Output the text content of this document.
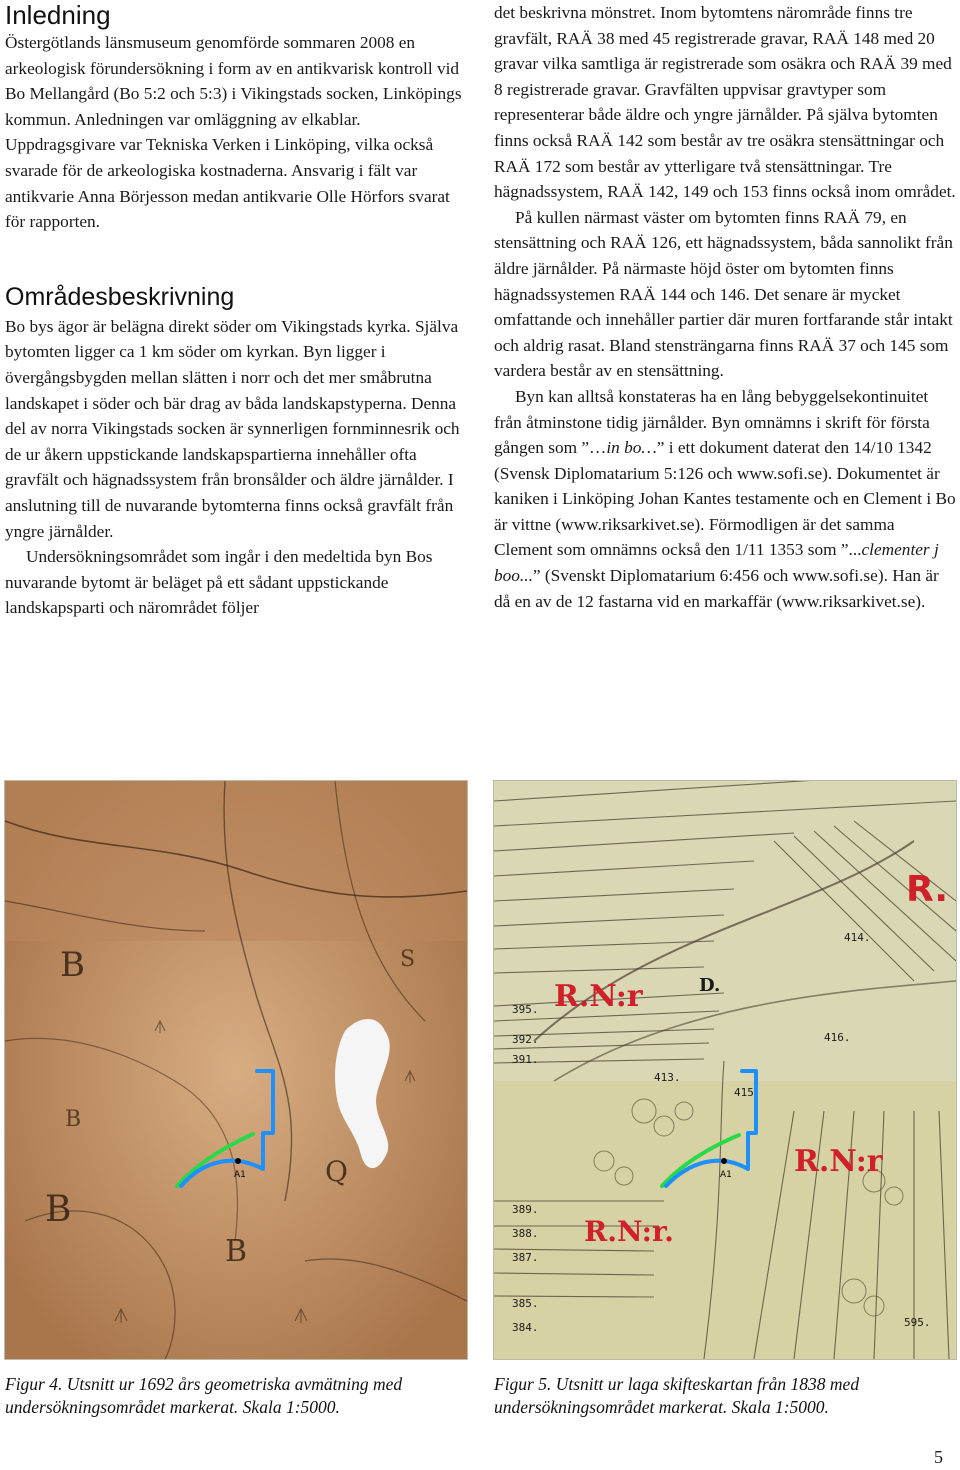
Inledning

Östergötlands länsmuseum genomförde sommaren 2008 en arkeologisk förundersökning i form av en antikvarisk kontroll vid Bo Mellangård (Bo 5:2 och 5:3) i Vikingstads socken, Linköpings kommun. Anledningen var omläggning av elkablar. Uppdragsgivare var Tekniska Verken i Linköping, vilka också svarade för de arkeologiska kostnaderna. Ansvarig i fält var antikvarie Anna Börjesson medan antikvarie Olle Hörfors svarat för rapporten.

Områdesbeskrivning

Bo bys ägor är belägna direkt söder om Vikingstads kyrka. Själva bytomten ligger ca 1 km söder om kyrkan. Byn ligger i övergångsbygden mellan slätten i norr och det mer småbrutna landskapet i söder och bär drag av båda landskapstyperna. Denna del av norra Vikingstads socken är synnerligen fornminnesrik och de ur åkern uppstickande landskapspartierna innehåller ofta gravfält och hägnadssystem från bronsålder och äldre järnålder. I anslutning till de nuvarande bytomterna finns också gravfält från yngre järnålder.

Undersökningsområdet som ingår i den medeltida byn Bos nuvarande bytomt är beläget på ett sådant uppstickande landskapsparti och närområdet följer

det beskrivna mönstret. Inom bytomtens närområde finns tre gravfält, RAÄ 38 med 45 registrerade gravar, RAÄ 148 med 20 gravar vilka samtliga är registrerade som osäkra och RAÄ 39 med 8 registrerade gravar. Gravfälten uppvisar gravtyper som representerar både äldre och yngre järnålder. På själva bytomten finns också RAÄ 142 som består av tre osäkra stensättningar och RAÄ 172 som består av ytterligare två stensättningar. Tre hägnadssystem, RAÄ 142, 149 och 153 finns också inom området.

På kullen närmast väster om bytomten finns RAÄ 79, en stensättning och RAÄ 126, ett hägnadssystem, båda sannolikt från äldre järnålder. På närmaste höjd öster om bytomten finns hägnadssystemen RAÄ 144 och 146. Det senare är mycket omfattande och innehåller partier där muren fortfarande står intakt och aldrig rasat. Bland stensträngarna finns RAÄ 37 och 145 som vardera består av en stensättning.

Byn kan alltså konstateras ha en lång bebyggelsekontinuitet från åtminstone tidig järnålder. Byn omnämns i skrift för första gången som ”…in bo…” i ett dokument daterat den 14/10 1342 (Svensk Diplomatarium 5:126 och www.sofi.se). Dokumentet är kaniken i Linköping Johan Kantes testamente och en Clement i Bo är vittne (www.riksarkivet.se). Förmodligen är det samma Clement som omnämns också den 1/11 1353 som ”...clementer j boo...” (Svenskt Diplomatarium 6:456 och www.sofi.se). Han är då en av de 12 fastarna vid en markaffär (www.riksarkivet.se).

B
B
B
Q
S
B
A1
R.
R.N:r
R.N:r
R.N:r.
D.
395.
392.
391.
389.
388.
387.
385.
384.
413.
414.
415.
416.
595.
A1
Figur 4. Utsnitt ur 1692 års geometriska avmätning med undersökningsområdet markerat. Skala 1:5000.
Figur 5. Utsnitt ur laga skifteskartan från 1838 med undersökningsområdet markerat. Skala 1:5000.
5
